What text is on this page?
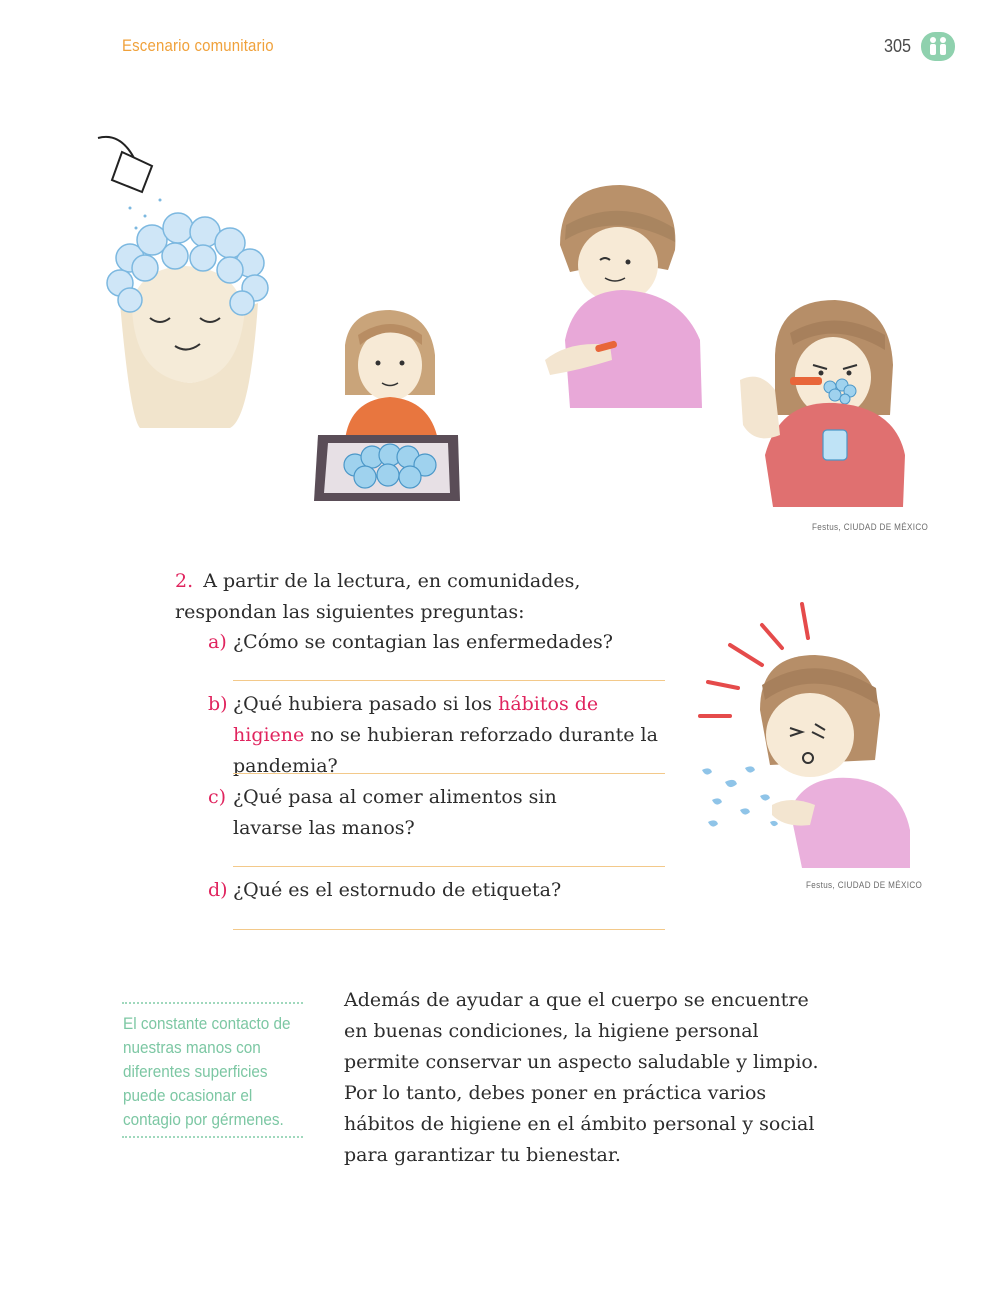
Escenario comunitario	305
Festus, CIUDAD DE MÉXICO
2. A partir de la lectura, en comunidades, respondan las siguientes preguntas:
a) ¿Cómo se contagian las enfermedades?
b) ¿Qué hubiera pasado si los hábitos de higiene no se hubieran reforzado durante la pandemia?
c) ¿Qué pasa al comer alimentos sin lavarse las manos?
d) ¿Qué es el estornudo de etiqueta?	Festus, CIUDAD DE MÉXICO
El constante contacto de nuestras manos con diferentes superficies puede ocasionar el contagio por gérmenes.
Además de ayudar a que el cuerpo se encuentre en buenas condiciones, la higiene personal permite conservar un aspecto saludable y limpio. Por lo tanto, debes poner en práctica varios hábitos de higiene en el ámbito personal y social para garantizar tu bienestar.
